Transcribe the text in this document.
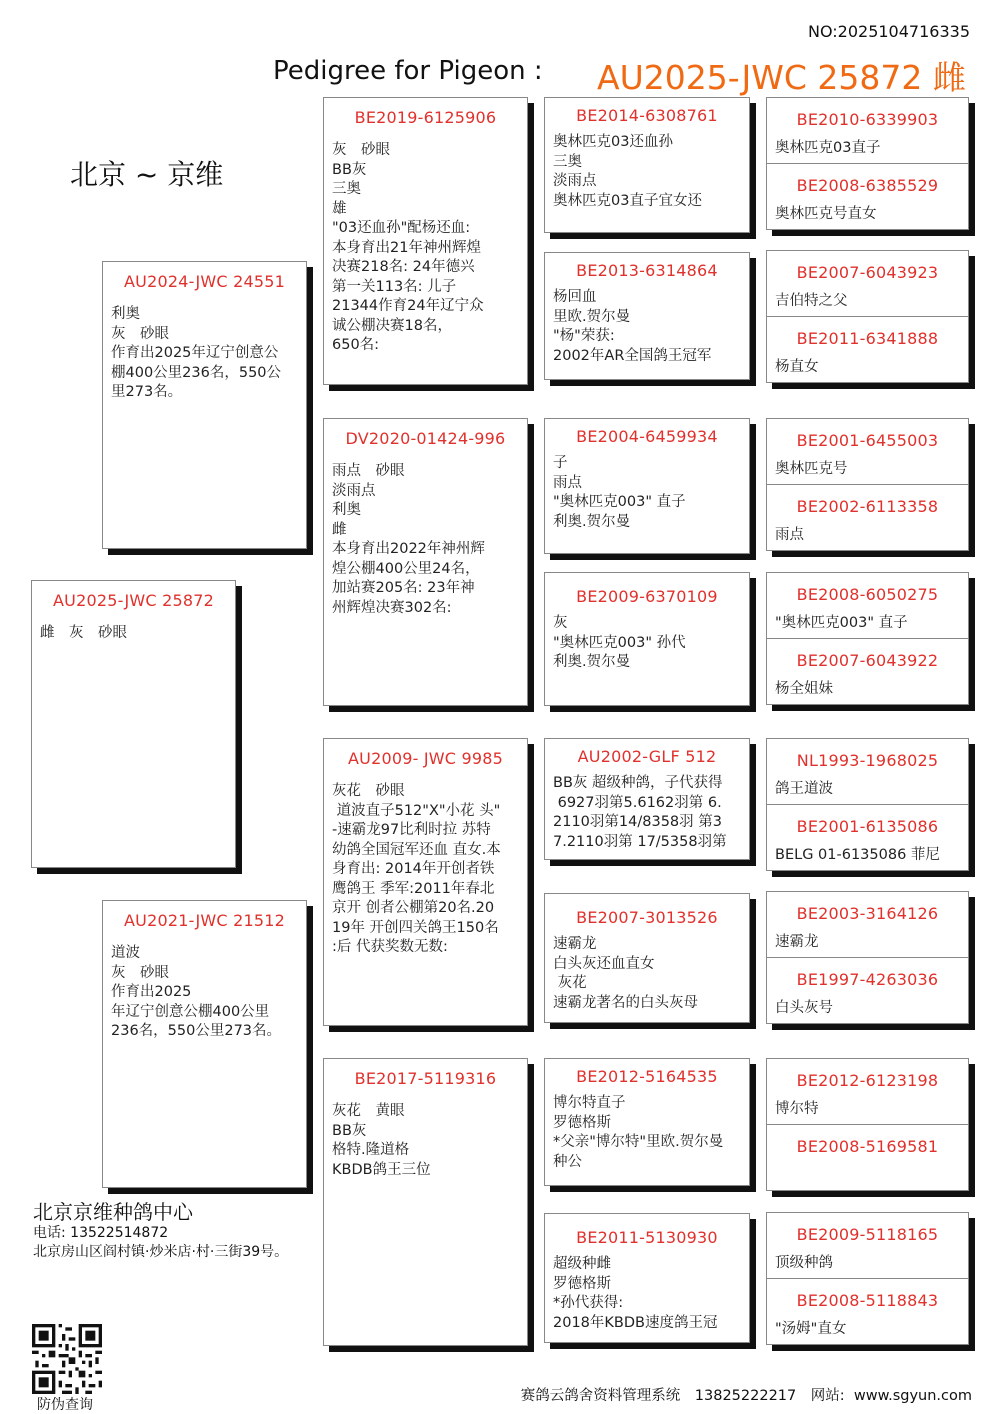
NO:2025104716335
Pedigree for Pigeon : AU2025-JWC 25872 雌
北京 ~ 京维
AU2025-JWC 25872
雌　灰　砂眼
AU2024-JWC 24551
利奥
灰　砂眼
作育出2025年辽宁创意公
棚400公里236名，550公
里273名。
AU2021-JWC 21512
道波
灰　砂眼
作育出2025
年辽宁创意公棚400公里
236名，550公里273名。
BE2019-6125906
灰　砂眼
BB灰
三奥
雄
"03还血孙"配杨还血:
本身育出21年神州辉煌
决赛218名: 24年德兴
第一关113名: 儿子
21344作育24年辽宁众
诚公棚决赛18名，
650名:
DV2020-01424-996
雨点　砂眼
淡雨点
利奥
雌
本身育出2022年神州辉
煌公棚400公里24名，
加站赛205名: 23年神
州辉煌决赛302名:
AU2009- JWC 9985
灰花　砂眼
道波直子512"X"小花 头"
-速霸龙97比利时拉 苏特
幼鸽全国冠军还血 直女.本
身育出: 2014年开创者铁
鹰鸽王 季军:2011年春北
京开 创者公棚第20名.20
19年 开创四关鸽王150名
:后 代获奖数无数:
BE2017-5119316
灰花　黄眼
BB灰
格特.隆道格
KBDB鸽王三位
BE2014-6308761
奥林匹克03还血孙
三奥
淡雨点
奥林匹克03直子宜女还
BE2013-6314864
杨回血
里欧.贺尔曼
"杨"荣获:
2002年AR全国鸽王冠军
BE2004-6459934
子
雨点
"奥林匹克003" 直子
利奥.贺尔曼
BE2009-6370109
灰
"奥林匹克003" 孙代
利奥.贺尔曼
AU2002-GLF 512
BB灰 超级种鸽，子代获得
6927羽第5.6162羽第 6.
2110羽第14/8358羽 第3
7.2110羽第 17/5358羽第
BE2007-3013526
速霸龙
白头灰还血直女
灰花
速霸龙著名的白头灰母
BE2012-5164535
博尔特直子
罗德格斯
*父亲"博尔特"里欧.贺尔曼
种公
BE2011-5130930
超级种雌
罗德格斯
*孙代获得:
2018年KBDB速度鸽王冠
BE2010-6339903
奥林匹克03直子
BE2008-6385529
奥林匹克号直女
BE2007-6043923
吉伯特之父
BE2011-6341888
杨直女
BE2001-6455003
奥林匹克号
BE2002-6113358
雨点
BE2008-6050275
"奥林匹克003" 直子
BE2007-6043922
杨全姐妹
NL1993-1968025
鸽王道波
BE2001-6135086
BELG 01-6135086 菲尼
BE2003-3164126
速霸龙
BE1997-4263036
白头灰号
BE2012-6123198
博尔特
BE2008-5169581
BE2009-5118165
顶级种鸽
BE2008-5118843
"汤姆"直女
北京京维种鸽中心
电话: 13522514872
北京房山区阎村镇·炒米店·村·三街39号。
防伪查询
赛鸽云鸽舍资料管理系统　13825222217　网站:  www.sgyun.com
